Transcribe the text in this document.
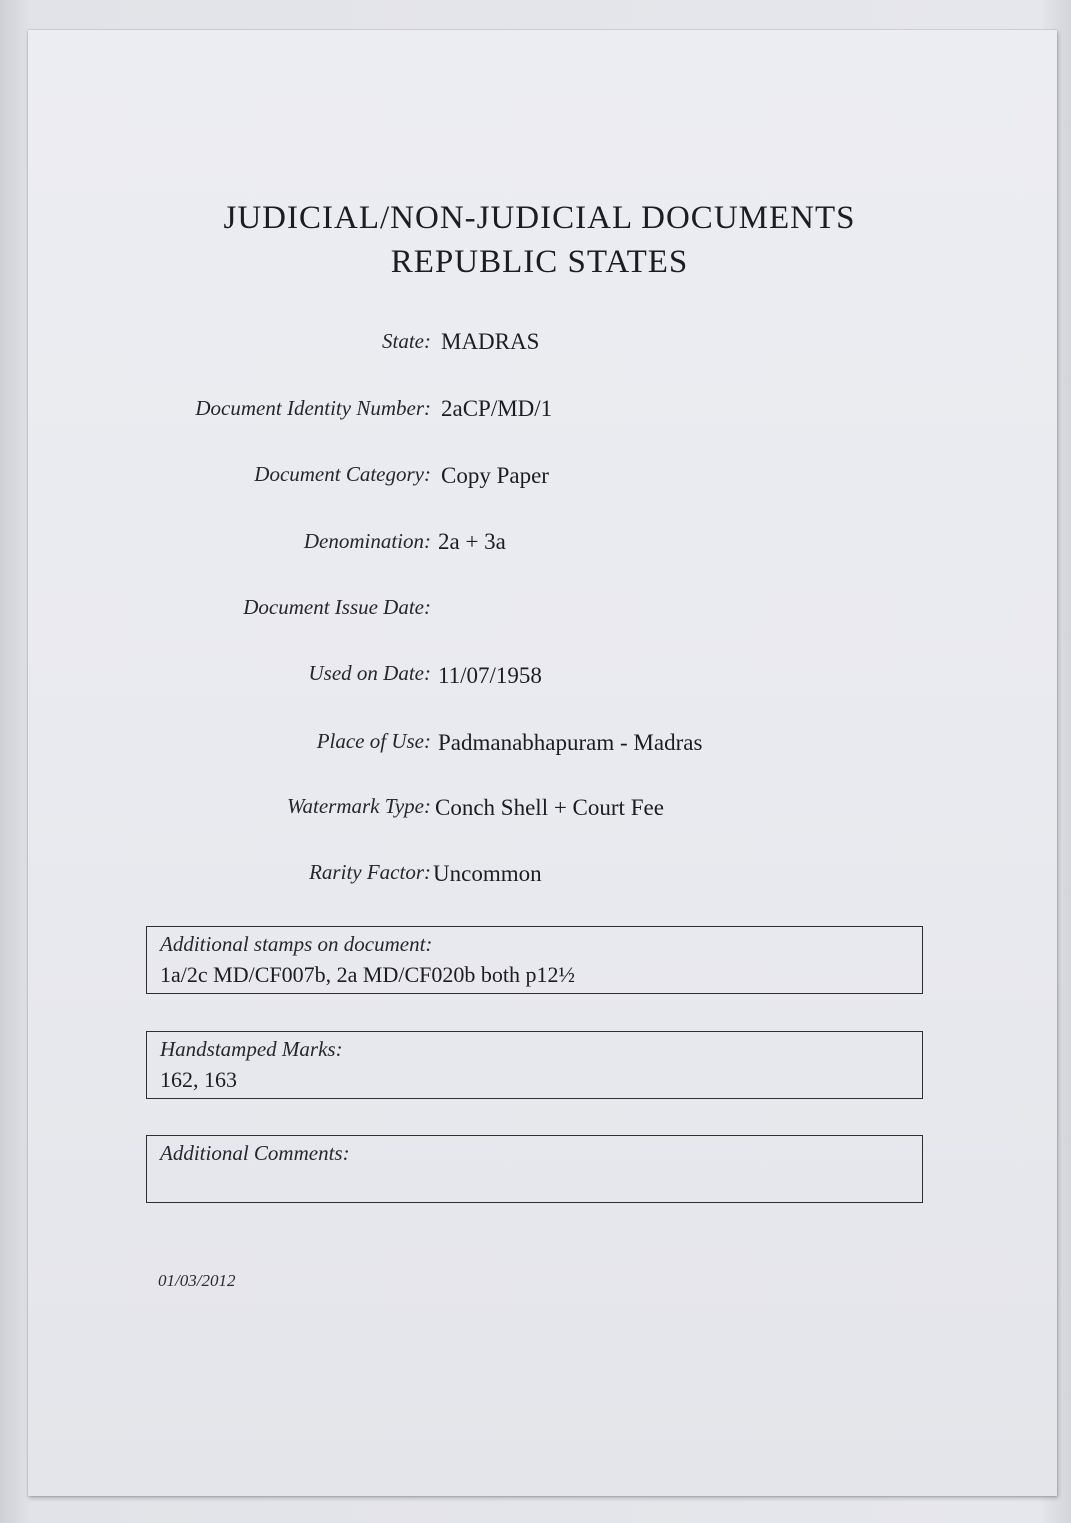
JUDICIAL/NON-JUDICIAL DOCUMENTS
REPUBLIC STATES
State: MADRAS
Document Identity Number: 2aCP/MD/1
Document Category: Copy Paper
Denomination: 2a + 3a
Document Issue Date:
Used on Date: 11/07/1958
Place of Use: Padmanabhapuram - Madras
Watermark Type: Conch Shell + Court Fee
Rarity Factor: Uncommon
Additional stamps on document:
1a/2c MD/CF007b, 2a MD/CF020b both p12½
Handstamped Marks:
162, 163
Additional Comments:
01/03/2012
